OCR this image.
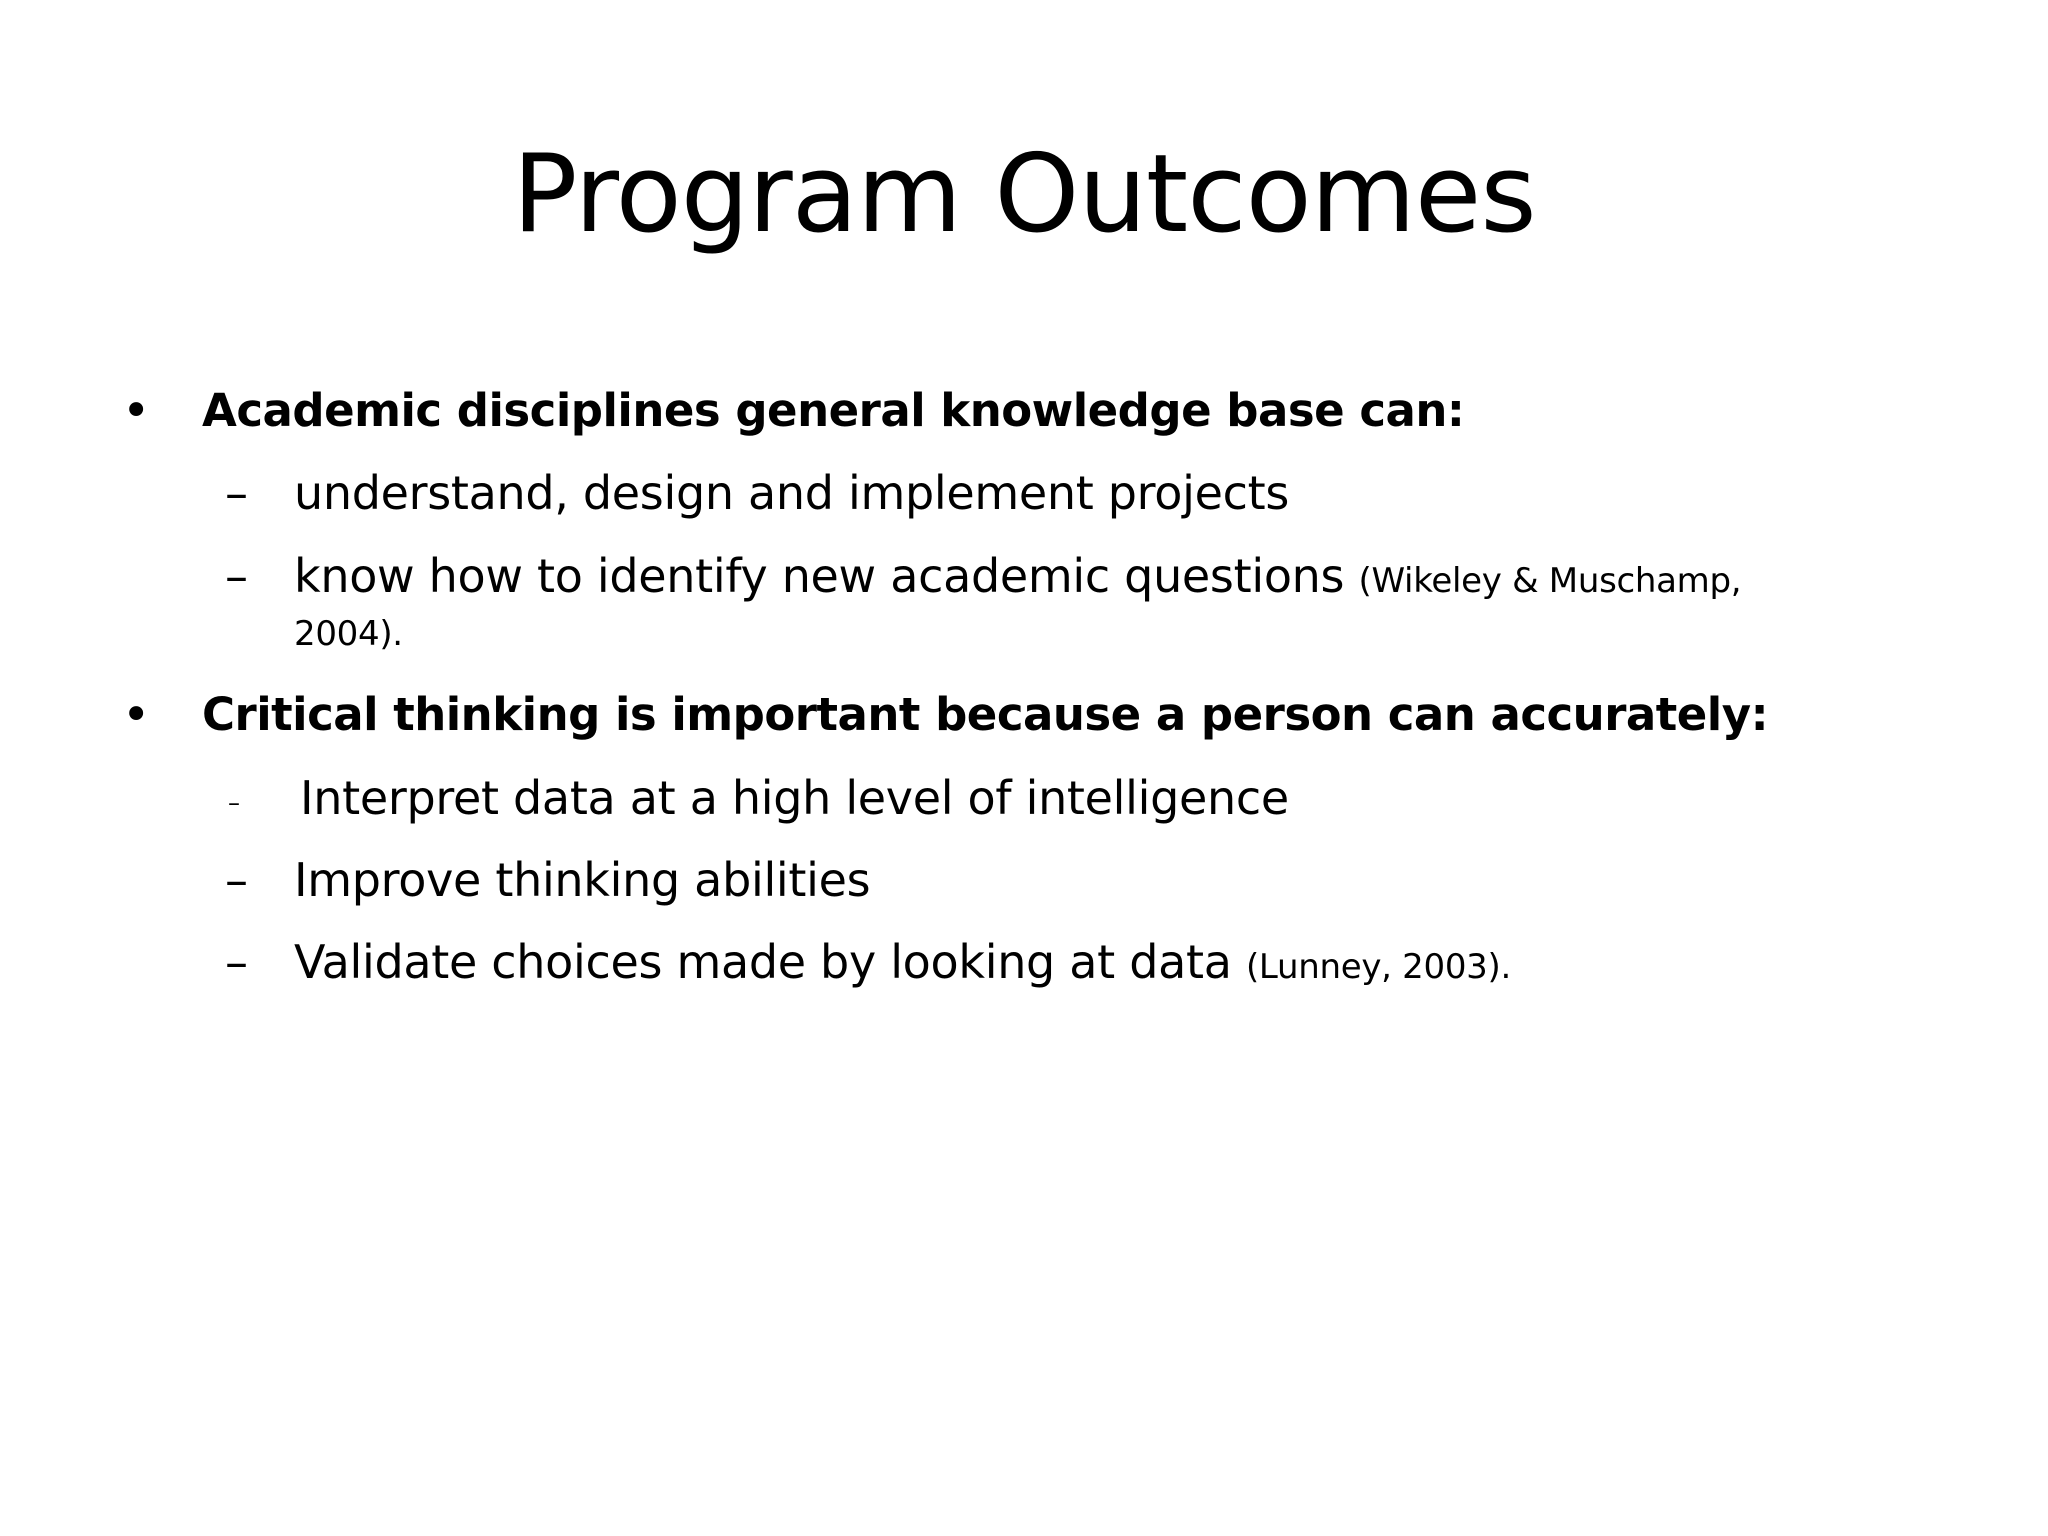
Program Outcomes
• Academic disciplines general knowledge base can:
– understand, design and implement projects
– know how to identify new academic questions (Wikeley & Muschamp,
2004).
• Critical thinking is important because a person can accurately:
– Interpret data at a high level of intelligence
– Improve thinking abilities
– Validate choices made by looking at data (Lunney, 2003).
